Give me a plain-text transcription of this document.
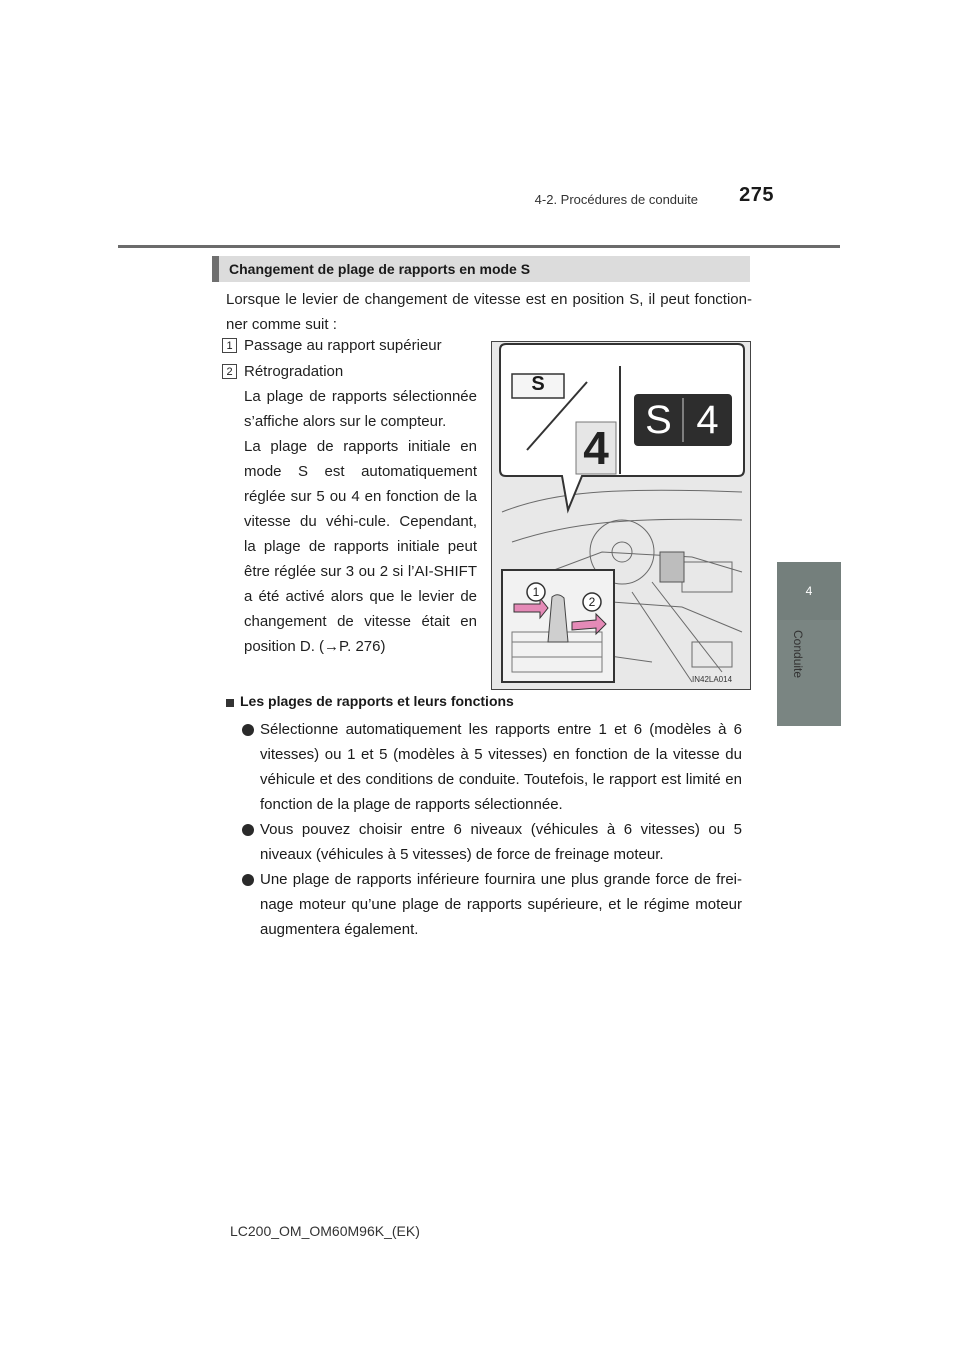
4-2. Procédures de conduite 275
4
Conduite
Changement de plage de rapports en mode S
Lorsque le levier de changement de vitesse est en position S, il peut fonction-ner comme suit :
1 Passage au rapport supérieur
2 Rétrogradation
La plage de rapports sélectionnée s’affiche alors sur le compteur.
La plage de rapports initiale en mode S est automatiquement réglée sur 5 ou 4 en fonction de la vitesse du véhi-cule. Cependant, la plage de rapports initiale peut être réglée sur 3 ou 2 si l’AI-SHIFT a été activé alors que le levier de changement de vitesse était en position D. (→P. 276)
S
4
S 4
1
2
IN42LA014
Les plages de rapports et leurs fonctions
Sélectionne automatiquement les rapports entre 1 et 6 (modèles à 6 vitesses) ou 1 et 5 (modèles à 5 vitesses) en fonction de la vitesse du véhicule et des conditions de conduite. Toutefois, le rapport est limité en fonction de la plage de rapports sélectionnée.
Vous pouvez choisir entre 6 niveaux (véhicules à 6 vitesses) ou 5 niveaux (véhicules à 5 vitesses) de force de freinage moteur.
Une plage de rapports inférieure fournira une plus grande force de frei-nage moteur qu’une plage de rapports supérieure, et le régime moteur augmentera également.
LC200_OM_OM60M96K_(EK)
